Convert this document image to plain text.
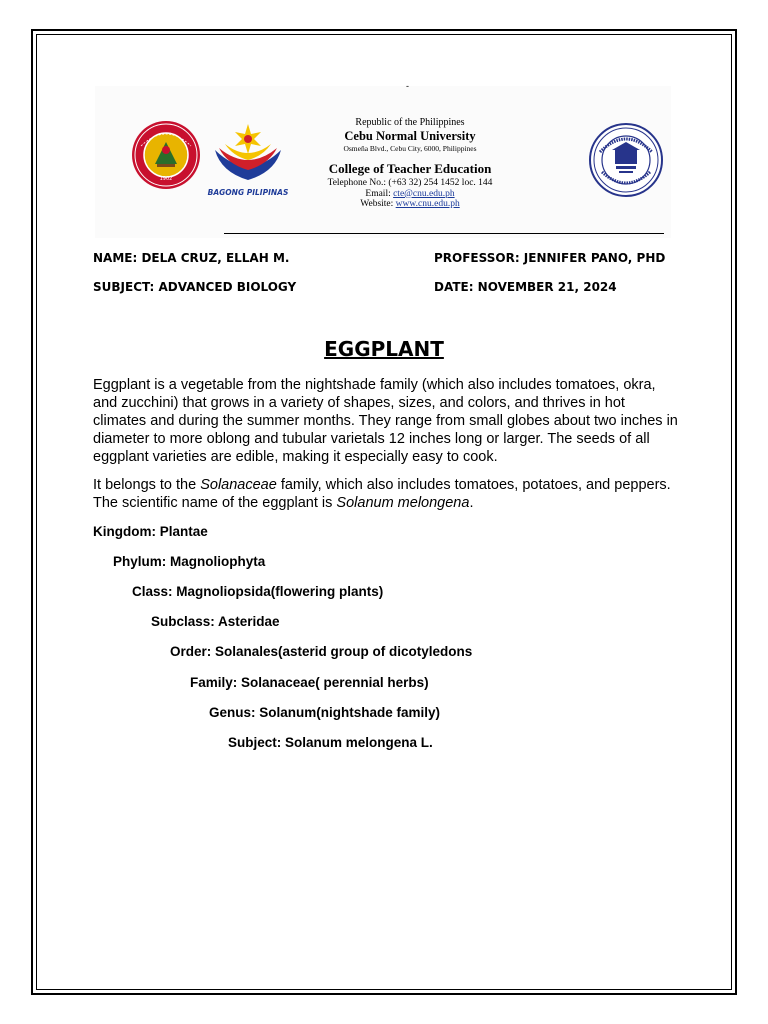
-
1902
BAGONG PILIPINAS
Republic of the Philippines
Cebu Normal University
Osmeña Blvd., Cebu City, 6000, Philippines
College of Teacher Education
Telephone No.: (+63 32) 254 1452 loc. 144
Email: cte@cnu.edu.ph
Website: www.cnu.edu.ph
NAME: DELA CRUZ, ELLAH M.	PROFESSOR: JENNIFER PANO, PHD
SUBJECT: ADVANCED BIOLOGY	DATE: NOVEMBER 21, 2024
EGGPLANT

Eggplant is a vegetable from the nightshade family (which also includes tomatoes, okra, and zucchini) that grows in a variety of shapes, sizes, and colors, and thrives in hot climates and during the summer months. They range from small globes about two inches in diameter to more oblong and tubular varietals 12 inches long or larger. The seeds of all eggplant varieties are edible, making it especially easy to cook.

It belongs to the Solanaceae family, which also includes tomatoes, potatoes, and peppers. The scientific name of the eggplant is Solanum melongena.

Kingdom: Plantae
Phylum: Magnoliophyta
Class: Magnoliopsida(flowering plants)
Subclass: Asteridae
Order: Solanales(asterid group of dicotyledons
Family: Solanaceae( perennial herbs)
Genus: Solanum(nightshade family)
Subject: Solanum melongena L.
